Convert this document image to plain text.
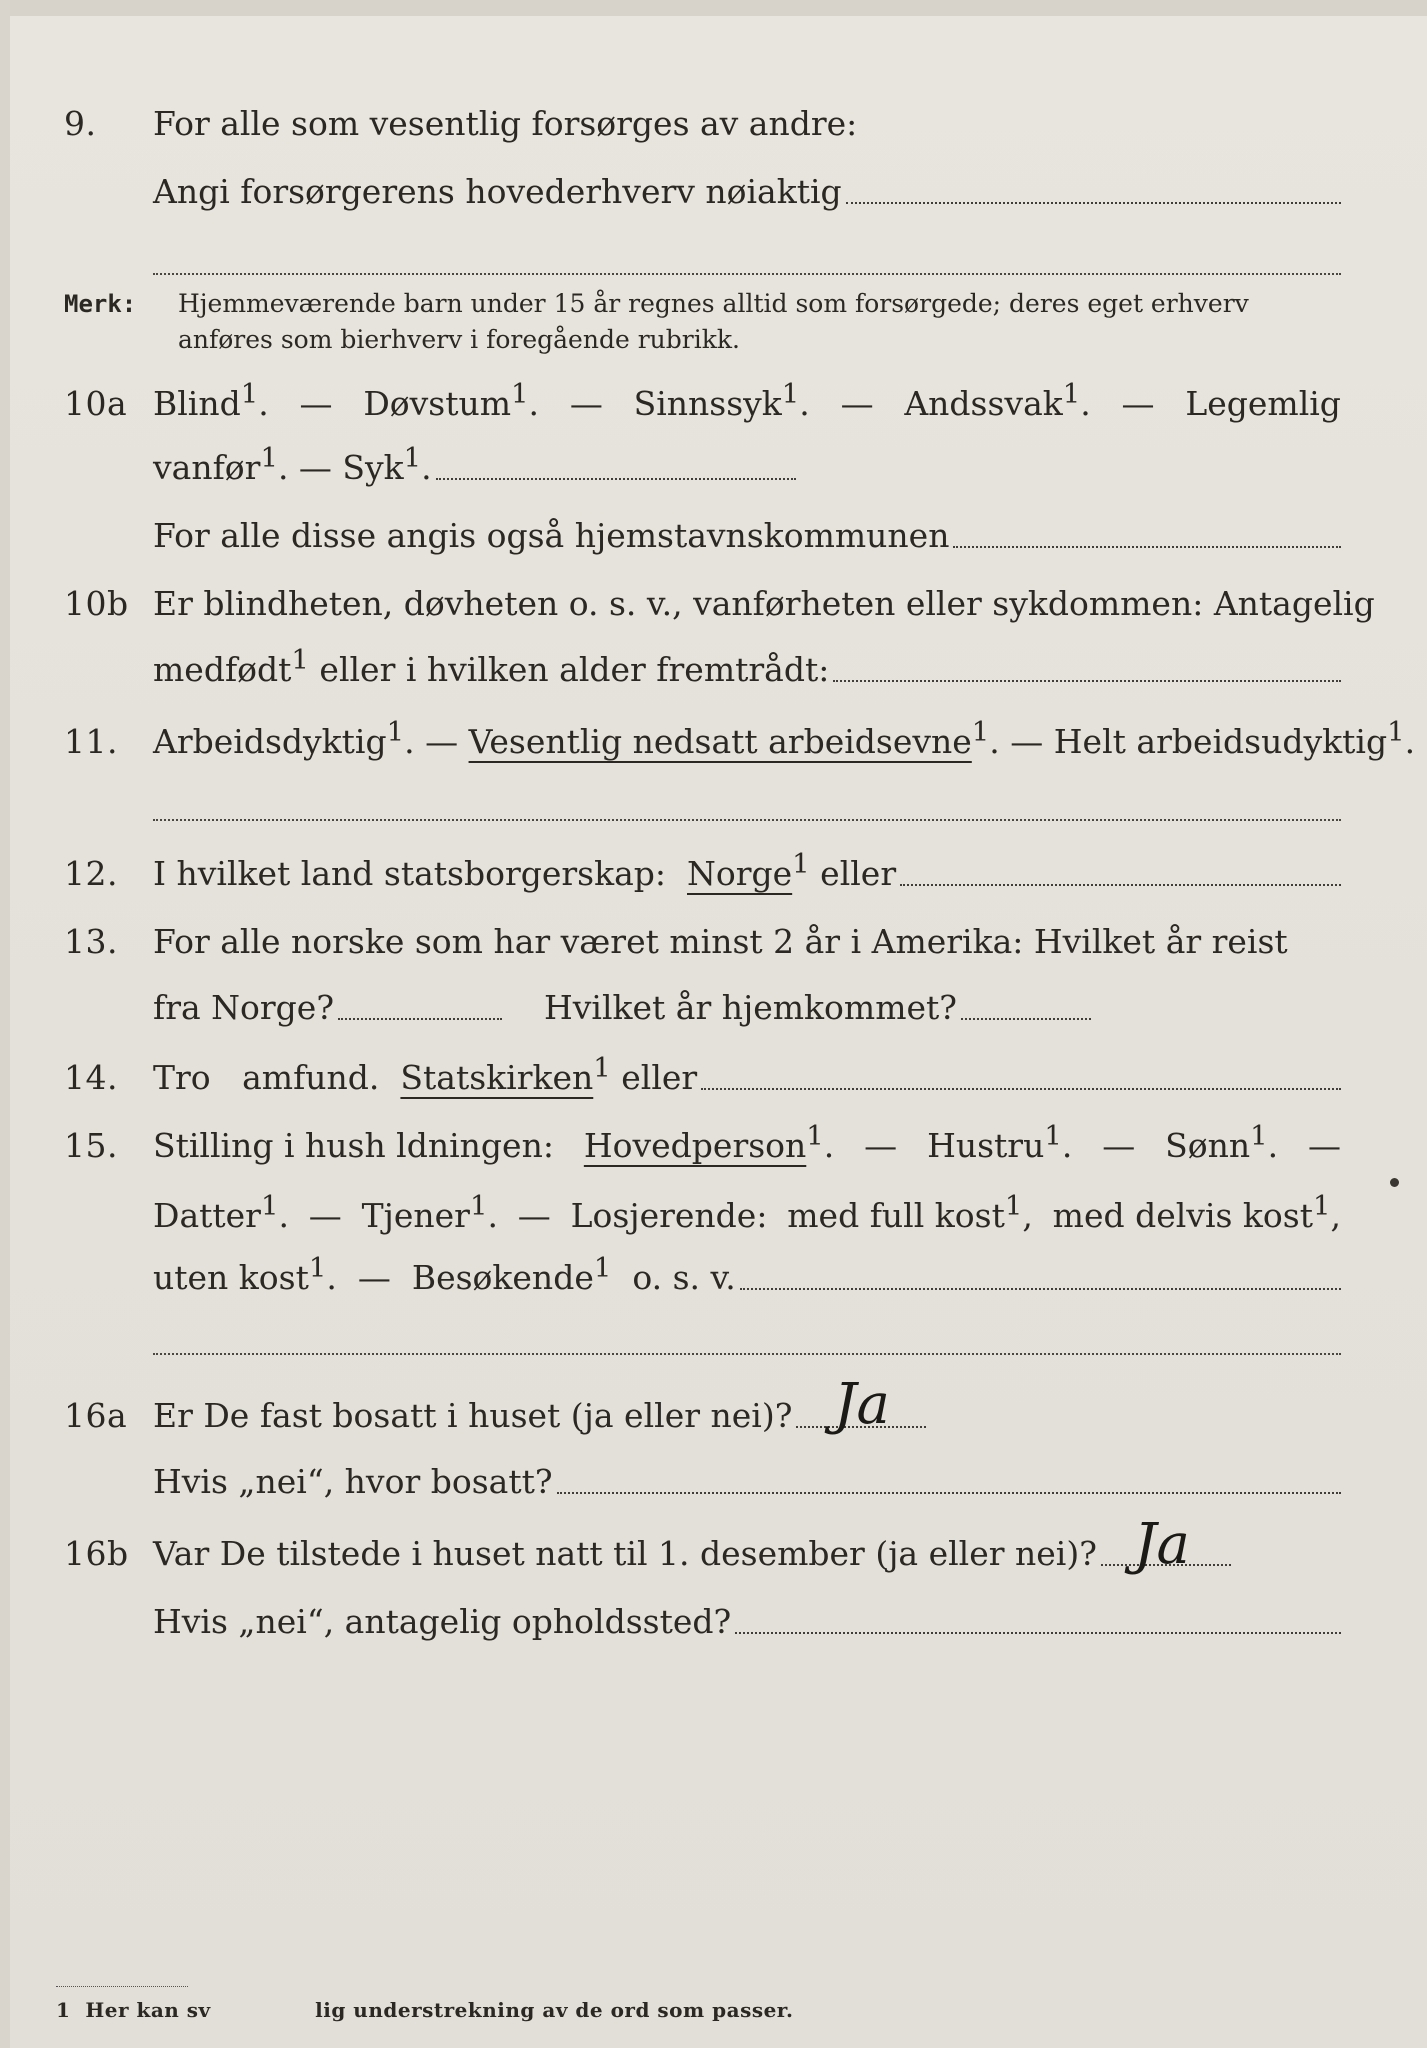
9. For alle som vesentlig forsørges av andre:
Angi forsørgerens hovederhverv nøiaktig
Merk: Hjemmeværende barn under 15 år regnes alltid som forsørgede; deres eget erhverv anføres som bierhverv i foregående rubrikk.
10a Blind$^1$. — Døvstum$^1$. — Sinnssyk$^1$. — Andssvak$^1$. — Legemlig
vanfør$^1$. — Syk$^1$.
For alle disse angis også hjemstavnskommunen
10b Er blindheten, døvheten o. s. v., vanførheten eller sykdommen: Antagelig
medfødt$^1$ eller i hvilken alder fremtrådt:
11. Arbeidsdyktig$^1$. — Vesentlig nedsatt arbeidsevne$^1$. — Helt arbeidsudyktig$^1$.
12. I hvilket land statsborgerskap: Norge$^1$ eller
13. For alle norske som har været minst 2 år i Amerika: Hvilket år reist
fra Norge?
	Hvilket år hjemkommet?
14. Tro   amfund. Statskirken$^1$ eller
15. Stilling i hush ldningen: Hovedperson$^1$. — Hustru$^1$. — Sønn$^1$. —
Datter$^1$. — Tjener$^1$. — Losjerende: med full kost$^1$, med delvis kost$^1$,
uten kost$^1$.  — Besøkende$^1$ o. s. v.
16a Er De fast bosatt i huset (ja eller nei)? Ja
Hvis „nei“, hvor bosatt?
16b Var De tilstede i huset natt til 1. desember (ja eller nei)? Ja
Hvis „nei“, antagelig opholdssted?
1  Her kan sv              lig understrekning av de ord som passer.
